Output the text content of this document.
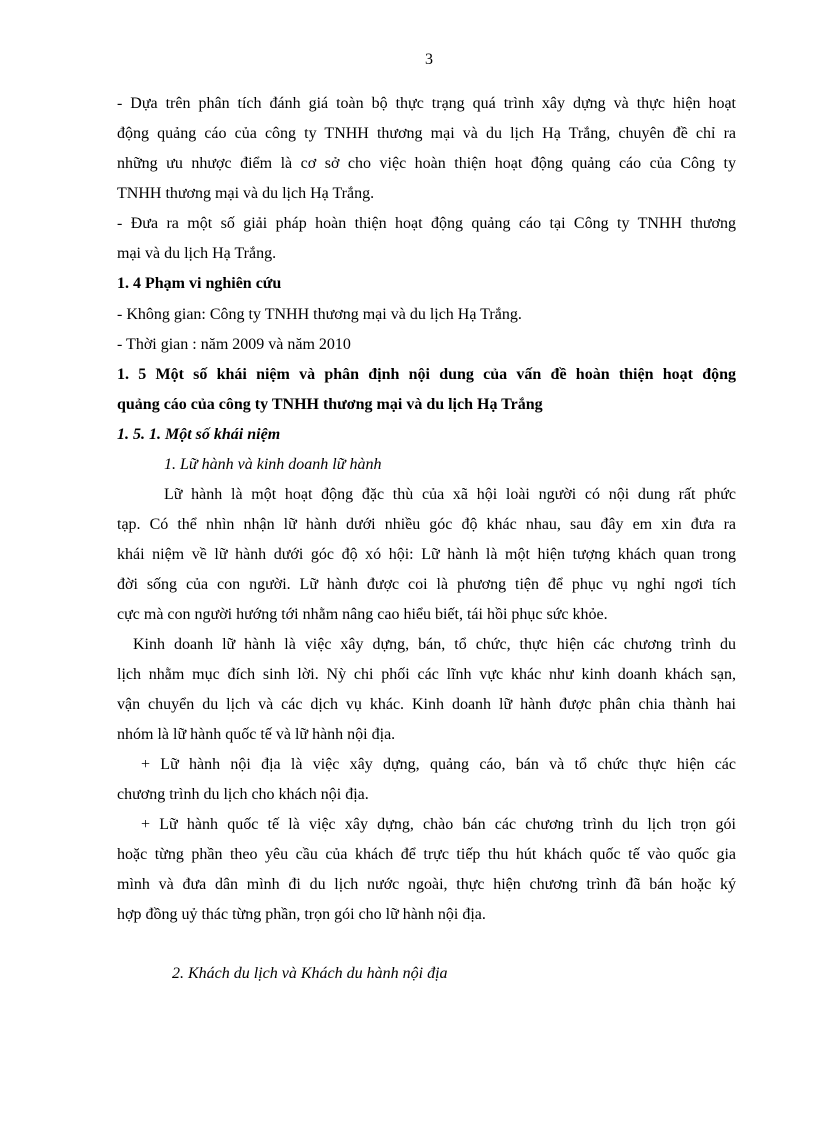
3
- Dựa trên phân tích đánh giá toàn bộ thực trạng quá trình xây dựng và thực hiện hoạt
động quảng cáo của công ty TNHH thương mại và du lịch Hạ Trắng, chuyên đề chỉ ra
những ưu nhược điểm là cơ sở cho việc hoàn thiện hoạt động quảng cáo của Công ty
TNHH thương mại và du lịch Hạ Trắng.
- Đưa ra một số giải pháp hoàn thiện hoạt động quảng cáo tại Công ty TNHH thương
mại và du lịch Hạ Trắng.
1. 4 Phạm vi nghiên cứu
- Không gian: Công ty TNHH thương mại và du lịch Hạ Trắng.
- Thời gian : năm 2009 và năm 2010
1. 5 Một số khái niệm và phân định nội dung của vấn đề hoàn thiện hoạt động
quảng cáo của công ty TNHH thương mại và du lịch Hạ Trắng
1. 5. 1. Một số khái niệm
1. Lữ hành và kinh doanh lữ hành
Lữ hành là một hoạt động đặc thù của xã hội loài người có nội dung rất phức
tạp. Có thể nhìn nhận lữ hành dưới nhiều góc độ khác nhau, sau đây em xin đưa ra
khái niệm về lữ hành dưới góc độ xó hội: Lữ hành là một hiện tượng khách quan trong
đời sống của con người. Lữ hành được coi là phương tiện để phục vụ nghỉ ngơi tích
cực mà con người hướng tới nhằm nâng cao hiểu biết, tái hồi phục sức khỏe.
Kinh doanh lữ hành là việc xây dựng, bán, tổ chức, thực hiện các chương trình du
lịch nhằm mục đích sinh lời. Nỳ chi phối các lĩnh vực khác như kinh doanh khách sạn,
vận chuyển du lịch và các dịch vụ khác. Kinh doanh lữ hành được phân chia thành hai
nhóm là lữ hành quốc tế và lữ hành nội địa.
+ Lữ hành nội địa là việc xây dựng, quảng cáo, bán và tổ chức thực hiện các
chương trình du lịch cho khách nội địa.
+ Lữ hành quốc tế là việc xây dựng, chào bán các chương trình du lịch trọn gói
hoặc từng phần theo yêu cầu của khách để trực tiếp thu hút khách quốc tế vào quốc gia
mình và đưa dân mình đi du lịch nước ngoài, thực hiện chương trình đã bán hoặc ký
hợp đồng uỷ thác từng phần, trọn gói cho lữ hành nội địa.
2. Khách du lịch và Khách du hành nội địa
